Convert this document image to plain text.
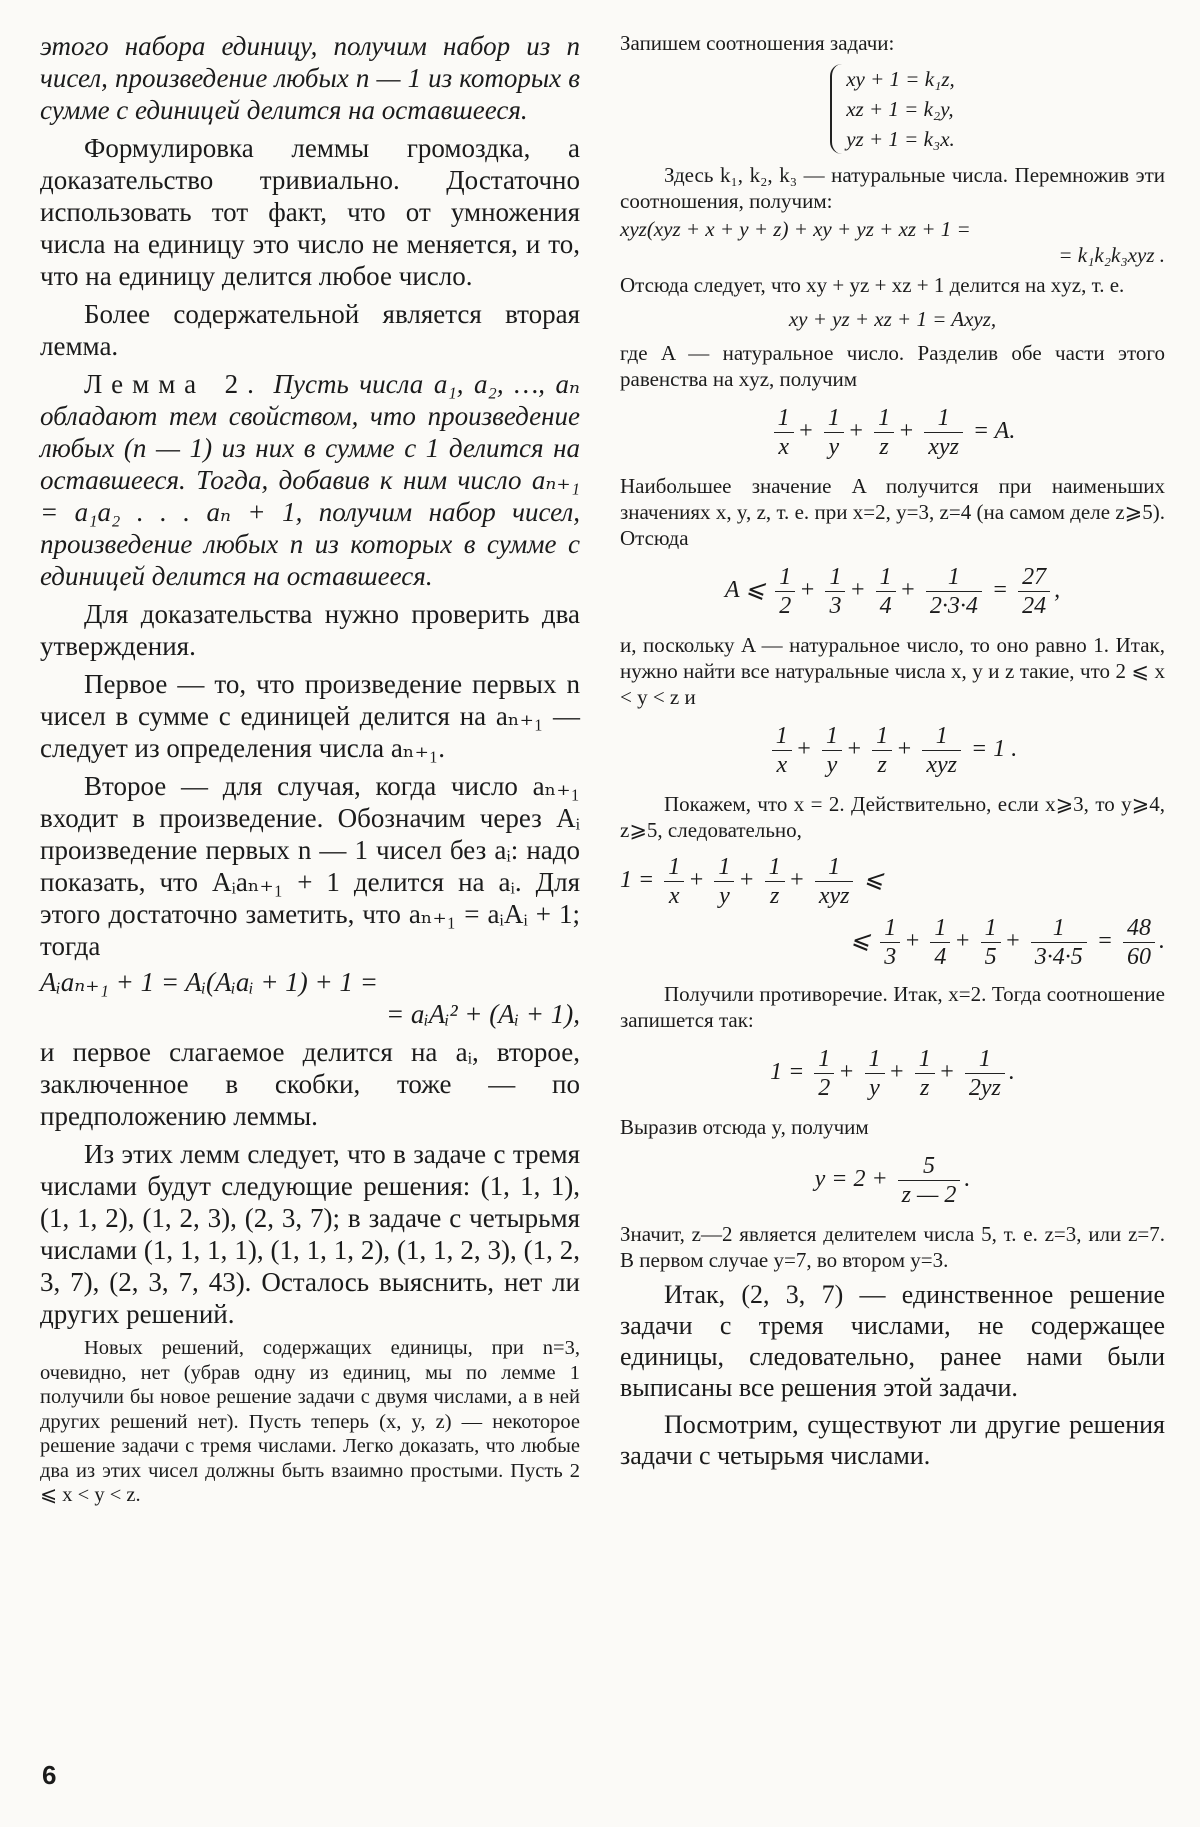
этого набора единицу, получим набор из n чисел, произведение любых n — 1 из которых в сумме с единицей делится на оставшееся.

Формулировка леммы громоздка, а доказательство тривиально. Достаточно использовать тот факт, что от умножения числа на единицу это число не меняется, и то, что на единицу делится любое число.

Более содержательной является вторая лемма.

Лемма 2. Пусть числа a₁, a₂, …, aₙ обладают тем свойством, что произведение любых (n — 1) из них в сумме с 1 делится на оставшееся. Тогда, добавив к ним число aₙ₊₁ = a₁a₂ . . . aₙ + 1, получим набор чисел, произведение любых n из которых в сумме с единицей делится на оставшееся.

Для доказательства нужно проверить два утверждения.

Первое — то, что произведение первых n чисел в сумме с единицей делится на aₙ₊₁ — следует из определения числа aₙ₊₁.

Второе — для случая, когда число aₙ₊₁ входит в произведение. Обозначим через Aᵢ произведение первых n — 1 чисел без aᵢ: надо показать, что Aᵢaₙ₊₁ + 1 делится на aᵢ. Для этого достаточно заметить, что aₙ₊₁ = aᵢAᵢ + 1; тогда

Aᵢaₙ₊₁ + 1 = Aᵢ(Aᵢaᵢ + 1) + 1 =
= aᵢAᵢ² + (Aᵢ + 1),

и первое слагаемое делится на aᵢ, второе, заключенное в скобки, тоже — по предположению леммы.

Из этих лемм следует, что в задаче с тремя числами будут следующие решения: (1, 1, 1), (1, 1, 2), (1, 2, 3), (2, 3, 7); в задаче с четырьмя числами (1, 1, 1, 1), (1, 1, 1, 2), (1, 1, 2, 3), (1, 2, 3, 7), (2, 3, 7, 43). Осталось выяснить, нет ли других решений.

Новых решений, содержащих единицы, при n=3, очевидно, нет (убрав одну из единиц, мы по лемме 1 получили бы новое решение задачи с двумя числами, а в ней других решений нет). Пусть теперь (x, y, z) — некоторое решение задачи с тремя числами. Легко доказать, что любые два из этих чисел должны быть взаимно простыми. Пусть 2 ⩽ x < y < z.

Запишем соотношения задачи:

xy + 1 = k₁z,
xz + 1 = k₂y,
yz + 1 = k₃x.

Здесь k₁, k₂, k₃ — натуральные числа. Перемножив эти соотношения, получим:

xyz(xyz + x + y + z) + xy + yz + xz + 1 =
= k₁k₂k₃xyz .

Отсюда следует, что xy + yz + xz + 1 делится на xyz, т. е.

xy + yz + xz + 1 = Axyz,

где A — натуральное число. Разделив обе части этого равенства на xyz, получим

$\frac{1}{x} + \frac{1}{y} + \frac{1}{z} + \frac{1}{\text{xyz}} = A$.

Наибольшее значение A получится при наименьших значениях x, y, z, т. е. при x=2, y=3, z=4 (на самом деле z⩾5). Отсюда

A ⩽ $\frac{1}{2} + \frac{1}{3} + \frac{1}{4} + \frac{1}{2\cdot 3\cdot 4} = \frac{27}{24}$ ,

и, поскольку A — натуральное число, то оно равно 1. Итак, нужно найти все натуральные числа x, y и z такие, что 2 ⩽ x < y < z и

$\frac{1}{x} + \frac{1}{y} + \frac{1}{z} + \frac{1}{\text{xyz}} = 1$ .

Покажем, что x = 2. Действительно, если x⩾3, то y⩾4, z⩾5, следовательно,

$1 = \frac{1}{x} + \frac{1}{y} + \frac{1}{z} + \frac{1}{\text{xyz}}$ ⩽
⩽ $\frac{1}{3} + \frac{1}{4} + \frac{1}{5} + \frac{1}{3\cdot 4\cdot 5} = \frac{48}{60}$ .

Получили противоречие. Итак, x=2. Тогда соотношение запишется так:

$1 = \frac{1}{2} + \frac{1}{y} + \frac{1}{z} + \frac{1}{2yz}$ .

Выразив отсюда y, получим

$y = 2 + \frac{5}{z — 2}$ .

Значит, z—2 является делителем числа 5, т. е. z=3, или z=7. В первом случае y=7, во втором y=3.

Итак, (2, 3, 7) — единственное решение задачи с тремя числами, не содержащее единицы, следовательно, ранее нами были выписаны все решения этой задачи.

Посмотрим, существуют ли другие решения задачи с четырьмя числами.

6
